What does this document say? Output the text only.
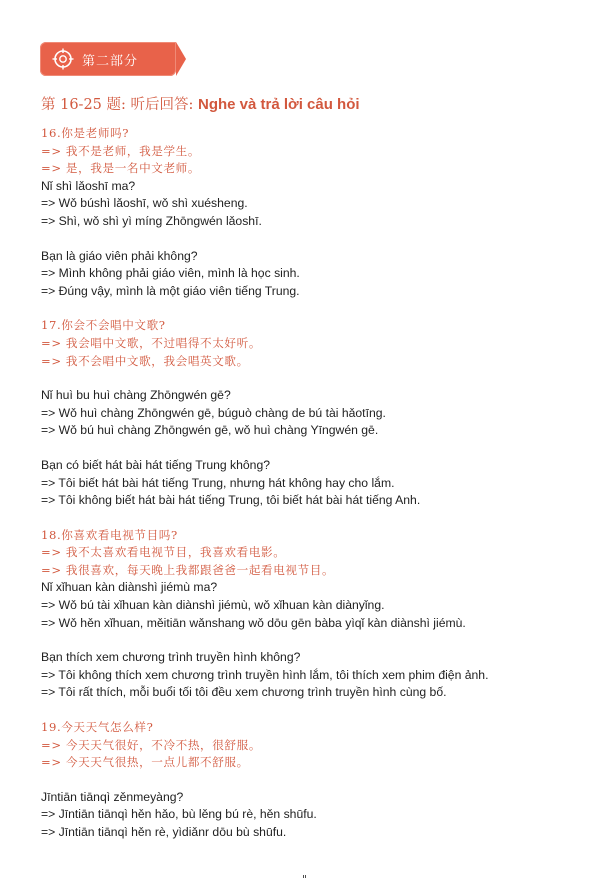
第二部分
第 16-25 题: 听后回答: Nghe và trả lời câu hỏi
16.你是老师吗?
=> 我不是老师，我是学生。
=> 是，我是一名中文老师。
Nǐ shì lǎoshī ma?
=> Wǒ búshì lǎoshī, wǒ shì xuésheng.
=> Shì, wǒ shì yì míng Zhōngwén lǎoshī.
Bạn là giáo viên phải không?
=> Mình không phải giáo viên, mình là học sinh.
=> Đúng vậy, mình là một giáo viên tiếng Trung.
17.你会不会唱中文歌?
=> 我会唱中文歌，不过唱得不太好听。
=> 我不会唱中文歌，我会唱英文歌。
Nǐ huì bu huì chàng Zhōngwén gē?
=> Wǒ huì chàng Zhōngwén gē, búguò chàng de bú tài hǎotīng.
=> Wǒ bú huì chàng Zhōngwén gē, wǒ huì chàng Yīngwén gē.
Bạn có biết hát bài hát tiếng Trung không?
=> Tôi biết hát bài hát tiếng Trung, nhưng hát không hay cho lắm.
=> Tôi không biết hát bài hát tiếng Trung, tôi biết hát bài hát tiếng Anh.
18.你喜欢看电视节目吗?
=> 我不太喜欢看电视节目，我喜欢看电影。
=> 我很喜欢，每天晚上我都跟爸爸一起看电视节目。
Nǐ xǐhuan kàn diànshì jiémù ma?
=> Wǒ bú tài xǐhuan kàn diànshì jiémù, wǒ xǐhuan kàn diànyǐng.
=> Wǒ hěn xǐhuan, měitiān wǎnshang wǒ dōu gēn bàba yìqǐ kàn diànshì jiémù.
Bạn thích xem chương trình truyền hình không?
=> Tôi không thích xem chương trình truyền hình lắm, tôi thích xem phim điện ảnh.
=> Tôi rất thích, mỗi buổi tối tôi đều xem chương trình truyền hình cùng bố.
19.今天天气怎么样?
=> 今天天气很好，不冷不热，很舒服。
=> 今天天气很热，一点儿都不舒服。
Jīntiān tiānqì zěnmeyàng?
=> Jīntiān tiānqì hěn hǎo, bù lěng bú rè, hěn shūfu.
=> Jīntiān tiānqì hěn rè, yìdiǎnr dōu bù shūfu.
"
